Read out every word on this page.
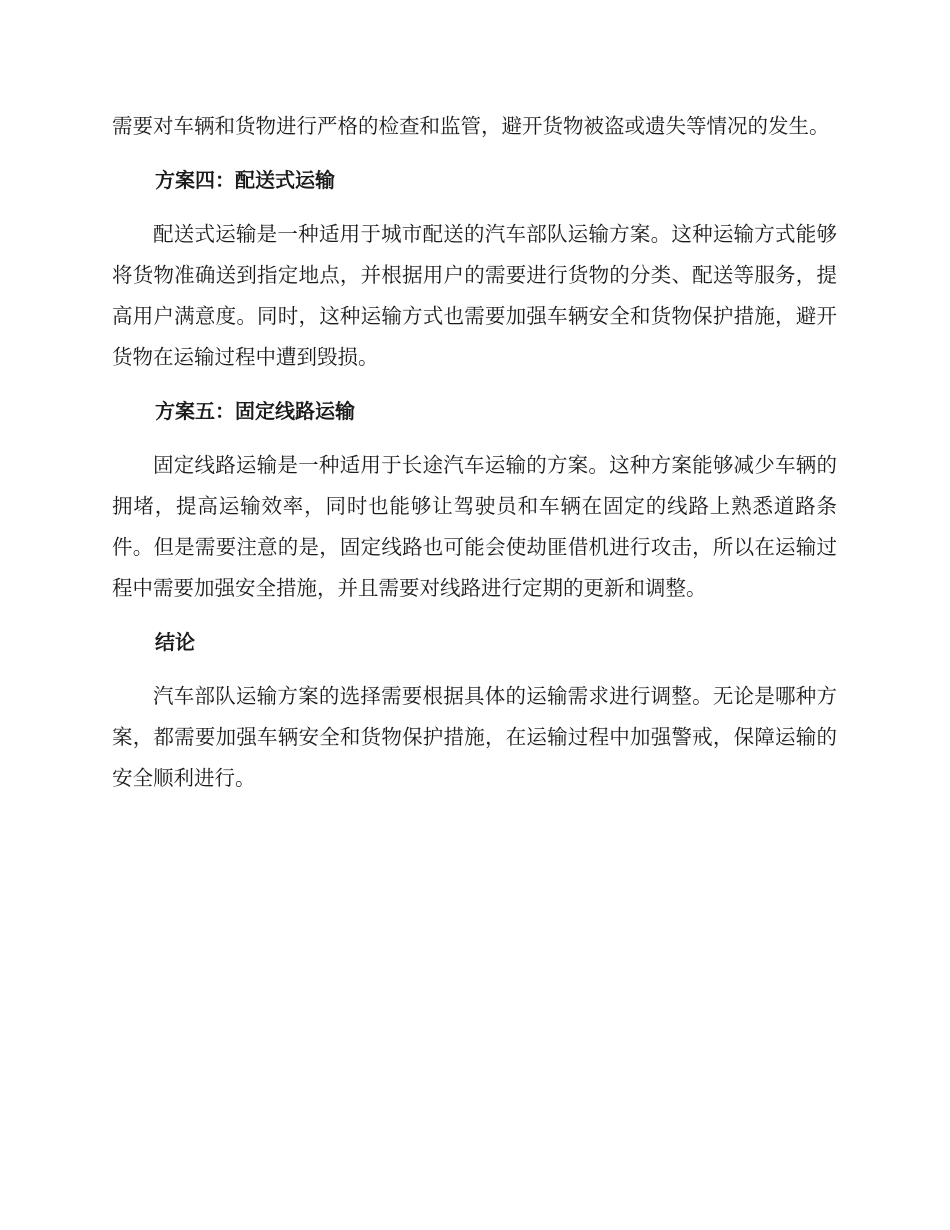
需要对车辆和货物进行严格的检查和监管，避开货物被盗或遗失等情况的发生。

方案四：配送式运输

配送式运输是一种适用于城市配送的汽车部队运输方案。这种运输方式能够将货物准确送到指定地点，并根据用户的需要进行货物的分类、配送等服务，提高用户满意度。同时，这种运输方式也需要加强车辆安全和货物保护措施，避开货物在运输过程中遭到毁损。

方案五：固定线路运输

固定线路运输是一种适用于长途汽车运输的方案。这种方案能够减少车辆的拥堵，提高运输效率，同时也能够让驾驶员和车辆在固定的线路上熟悉道路条件。但是需要注意的是，固定线路也可能会使劫匪借机进行攻击，所以在运输过程中需要加强安全措施，并且需要对线路进行定期的更新和调整。

结论

汽车部队运输方案的选择需要根据具体的运输需求进行调整。无论是哪种方案，都需要加强车辆安全和货物保护措施，在运输过程中加强警戒，保障运输的安全顺利进行。
